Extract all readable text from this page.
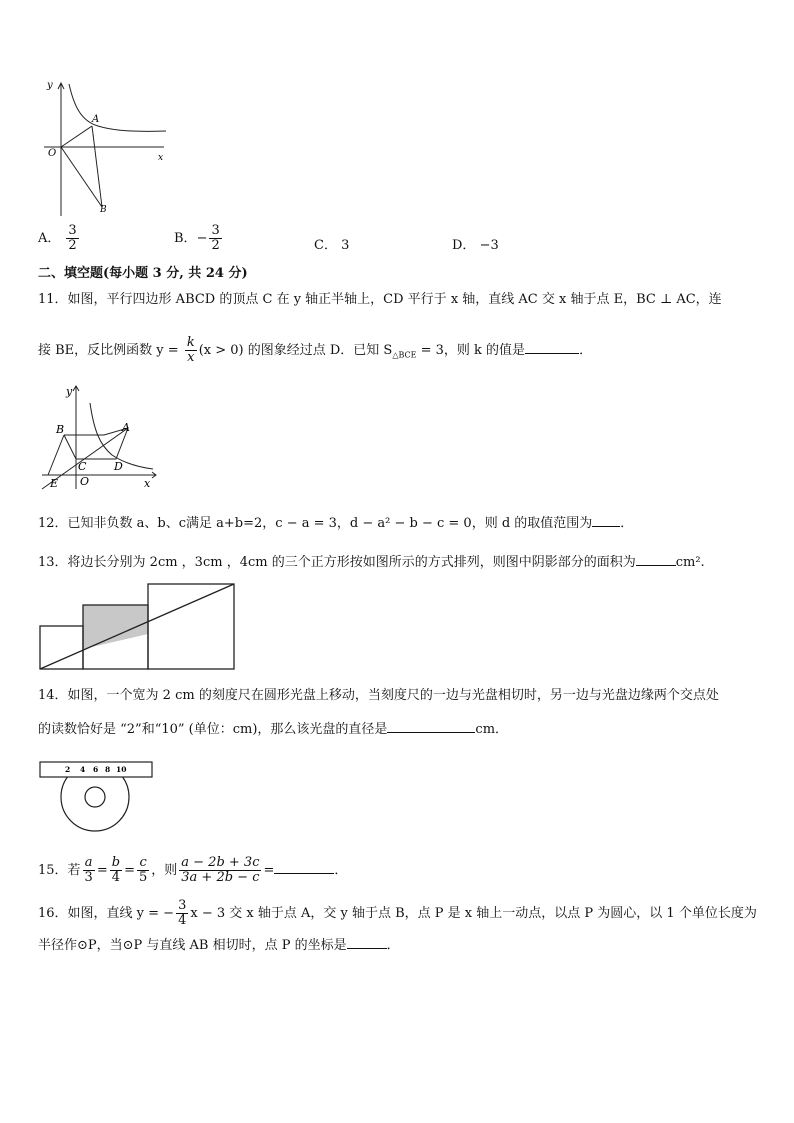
y
O
A
B
x
A． $\frac{3}{2}$	B．− $\frac{3}{2}$	C． 3	D． −3
二、填空题(每小题 3 分, 共 24 分)
11．如图，平行四边形 ABCD 的顶点 C 在 y 轴正半轴上，CD 平行于 x 轴，直线 AC 交 x 轴于点 E，BC ⊥ AC，连
接 BE，反比例函数 $y = \frac{k}{x} (x > 0)$ 的图象经过点 D．已知 $S_{\triangle BCE} = 3$，则 k 的值是	．
y
B	A
C	D
E O	x
12．已知非负数 a、b、c满足 a+b=2，c − a = 3，d − a² − b − c = 0，则 d 的取值范围为 ．
13．将边长分别为 2cm ，3cm ，4cm 的三个正方形按如图所示的方式排列，则图中阴影部分的面积为	cm².
14．如图，一个宽为 2 cm 的刻度尺在圆形光盘上移动，当刻度尺的一边与光盘相切时，另一边与光盘边缘两个交点处
的读数恰好是 “2”和“10” (单位：cm)，那么该光盘的直径是	cm．
2 4 6 8 10
15．若 $\frac{a}{3} = \frac{b}{4} = \frac{c}{5}$ ，则 $\frac{a - 2b + 3c}{3a + 2b - c}$ =	．
16．如图，直线 y = − $\frac{3}{4}$ x − 3 交 x 轴于点 A，交 y 轴于点 B，点 P 是 x 轴上一动点，以点 P 为圆心，以 1 个单位长度为
半径作⊙P，当⊙P 与直线 AB 相切时，点 P 的坐标是	．
